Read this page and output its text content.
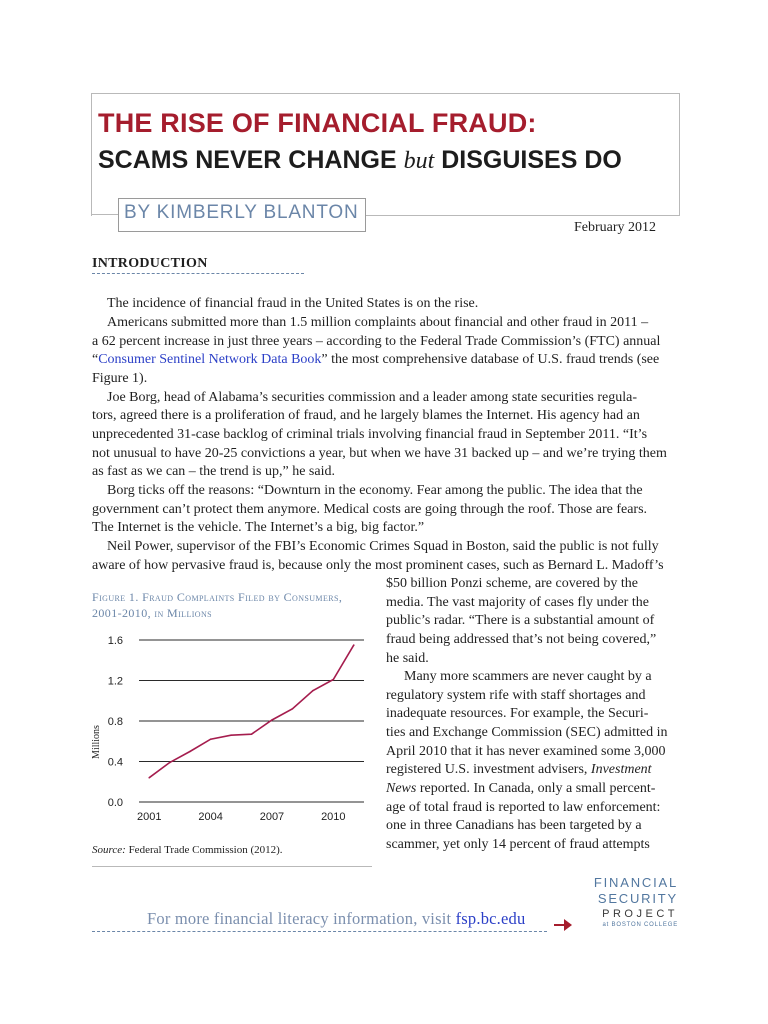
THE RISE OF FINANCIAL FRAUD:
SCAMS NEVER CHANGE but DISGUISES DO
BY KIMBERLY BLANTON
February 2012
INTRODUCTION
The incidence of financial fraud in the United States is on the rise.
Americans submitted more than 1.5 million complaints about financial and other fraud in 2011 –
a 62 percent increase in just three years – according to the Federal Trade Commission’s (FTC) annual
“Consumer Sentinel Network Data Book” the most comprehensive database of U.S. fraud trends (see
Figure 1).
Joe Borg, head of Alabama’s securities commission and a leader among state securities regula-
tors, agreed there is a proliferation of fraud, and he largely blames the Internet. His agency had an
unprecedented 31-case backlog of criminal trials involving financial fraud in September 2011. “It’s
not unusual to have 20-25 convictions a year, but when we have 31 backed up – and we’re trying them
as fast as we can – the trend is up,” he said.
Borg ticks off the reasons: “Downturn in the economy. Fear among the public. The idea that the
government can’t protect them anymore. Medical costs are going through the roof. Those are fears.
The Internet is the vehicle. The Internet’s a big, big factor.”
Neil Power, supervisor of the FBI’s Economic Crimes Squad in Boston, said the public is not fully
aware of how pervasive fraud is, because only the most prominent cases, such as Bernard L. Madoff’s
$50 billion Ponzi scheme, are covered by the
media. The vast majority of cases fly under the
public’s radar. “There is a substantial amount of
fraud being addressed that’s not being covered,”
he said.
Many more scammers are never caught by a
regulatory system rife with staff shortages and
inadequate resources. For example, the Securi-
ties and Exchange Commission (SEC) admitted in
April 2010 that it has never examined some 3,000
registered U.S. investment advisers, Investment
News reported. In Canada, only a small percent-
age of total fraud is reported to law enforcement:
one in three Canadians has been targeted by a
scammer, yet only 14 percent of fraud attempts
Figure 1. Fraud Complaints Filed by Consumers,
2001-2010, in Millions
0.0
0.4
0.8
1.2
1.6
2001	2004	2007	2010
Millions
Source: Federal Trade Commission (2012).
For more financial literacy information, visit fsp.bc.edu
FINANCIAL
SECURITY
PROJECT
at BOSTON COLLEGE
